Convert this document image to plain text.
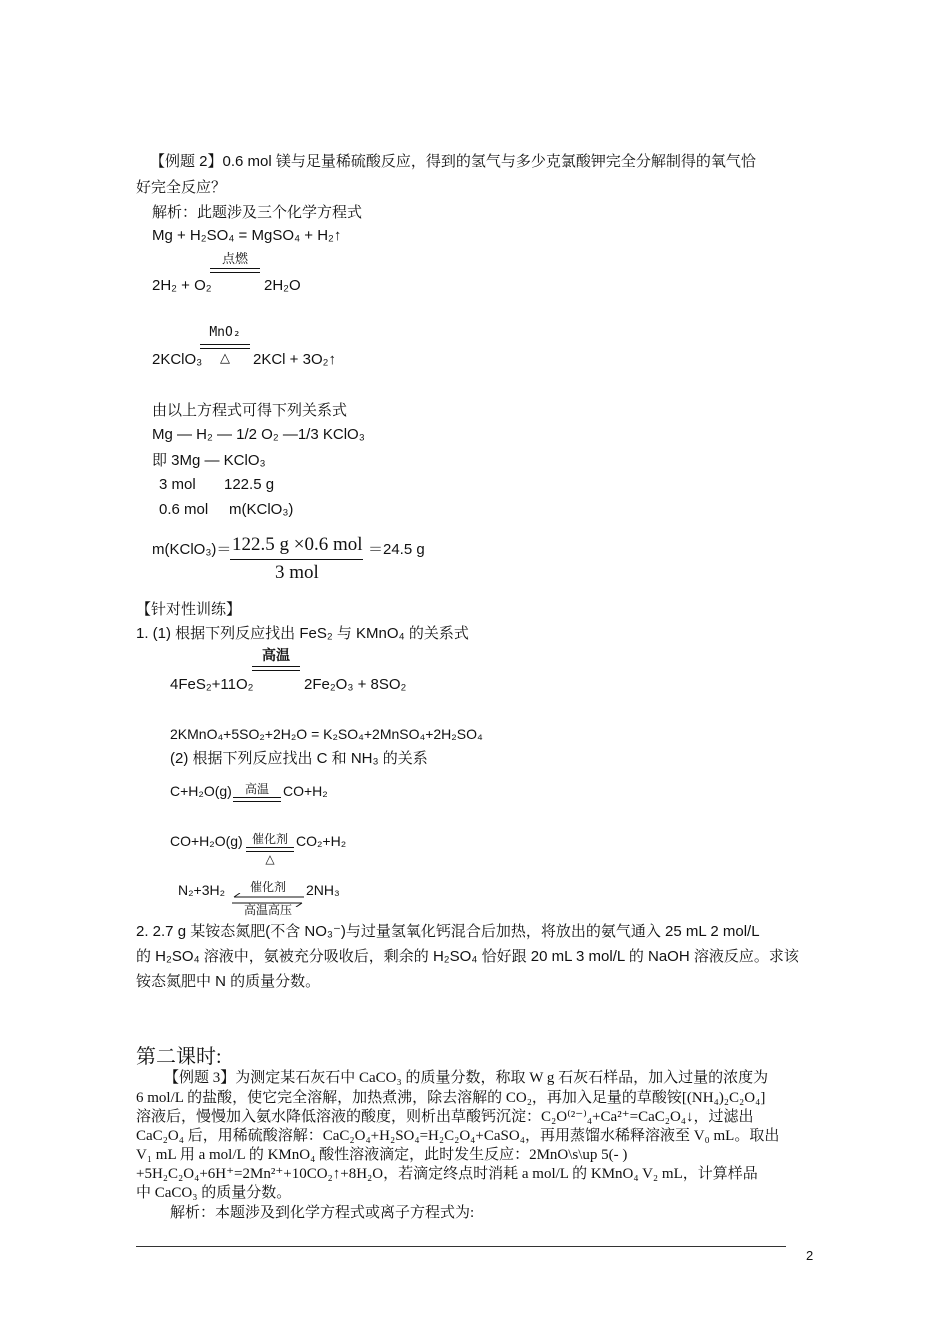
【例题 2】0.6 mol 镁与足量稀硫酸反应，得到的氢气与多少克氯酸钾完全分解制得的氧气恰
好完全反应？
解析：此题涉及三个化学方程式
Mg + H₂SO₄ = MgSO₄ + H₂↑
2H₂ + O₂
点燃
2H₂O
MnO₂
△
2KClO₃	2KCl + 3O₂↑
由以上方程式可得下列关系式
Mg — H₂ — 1/2 O₂ —1/3 KClO₃
即 3Mg — KClO₃
3 mol 122.5 g
0.6 mol m(KClO₃)
m(KClO₃)＝ 122.5 g ×0.6 mol
3 mol
＝24.5 g
【针对性训练】
1. (1) 根据下列反应找出 FeS₂ 与 KMnO₄ 的关系式
高温
4FeS₂+11O₂	2Fe₂O₃ + 8SO₂
2KMnO₄+5SO₂+2H₂O = K₂SO₄+2MnSO₄+2H₂SO₄
(2) 根据下列反应找出 C 和 NH₃ 的关系
C+H₂O(g)	高温	CO+H₂
CO+H₂O(g) 催化剂
△
CO₂+H₂
N₂+3H₂	催化剂
高温高压
2NH₃
2. 2.7 g 某铵态氮肥(不含 NO₃⁻)与过量氢氧化钙混合后加热，将放出的氨气通入 25 mL 2 mol/L
的 H₂SO₄ 溶液中，氨被充分吸收后，剩余的 H₂SO₄ 恰好跟 20 mL 3 mol/L 的 NaOH 溶液反应。求该
铵态氮肥中 N 的质量分数。
第二课时:
【例题 3】为测定某石灰石中 CaCO₃ 的质量分数，称取 W g 石灰石样品，加入过量的浓度为
6 mol/L 的盐酸，使它完全溶解，加热煮沸，除去溶解的 CO₂，再加入足量的草酸铵[(NH₄)₂C₂O₄]
溶液后，慢慢加入氨水降低溶液的酸度，则析出草酸钙沉淀：C₂O⁽²⁻⁾₄+Ca²⁺=CaC₂O₄↓，过滤出
CaC₂O₄ 后，用稀硫酸溶解：CaC₂O₄+H₂SO₄=H₂C₂O₄+CaSO₄，再用蒸馏水稀释溶液至 V₀ mL。取出
V₁ mL 用 a mol/L 的 KMnO₄ 酸性溶液滴定，此时发生反应：2MnO\s\up 5(- )
+5H₂C₂O₄+6H⁺=2Mn²⁺+10CO₂↑+8H₂O，若滴定终点时消耗 a mol/L 的 KMnO₄ V₂ mL，计算样品
中 CaCO₃ 的质量分数。
解析：本题涉及到化学方程式或离子方程式为:
2
